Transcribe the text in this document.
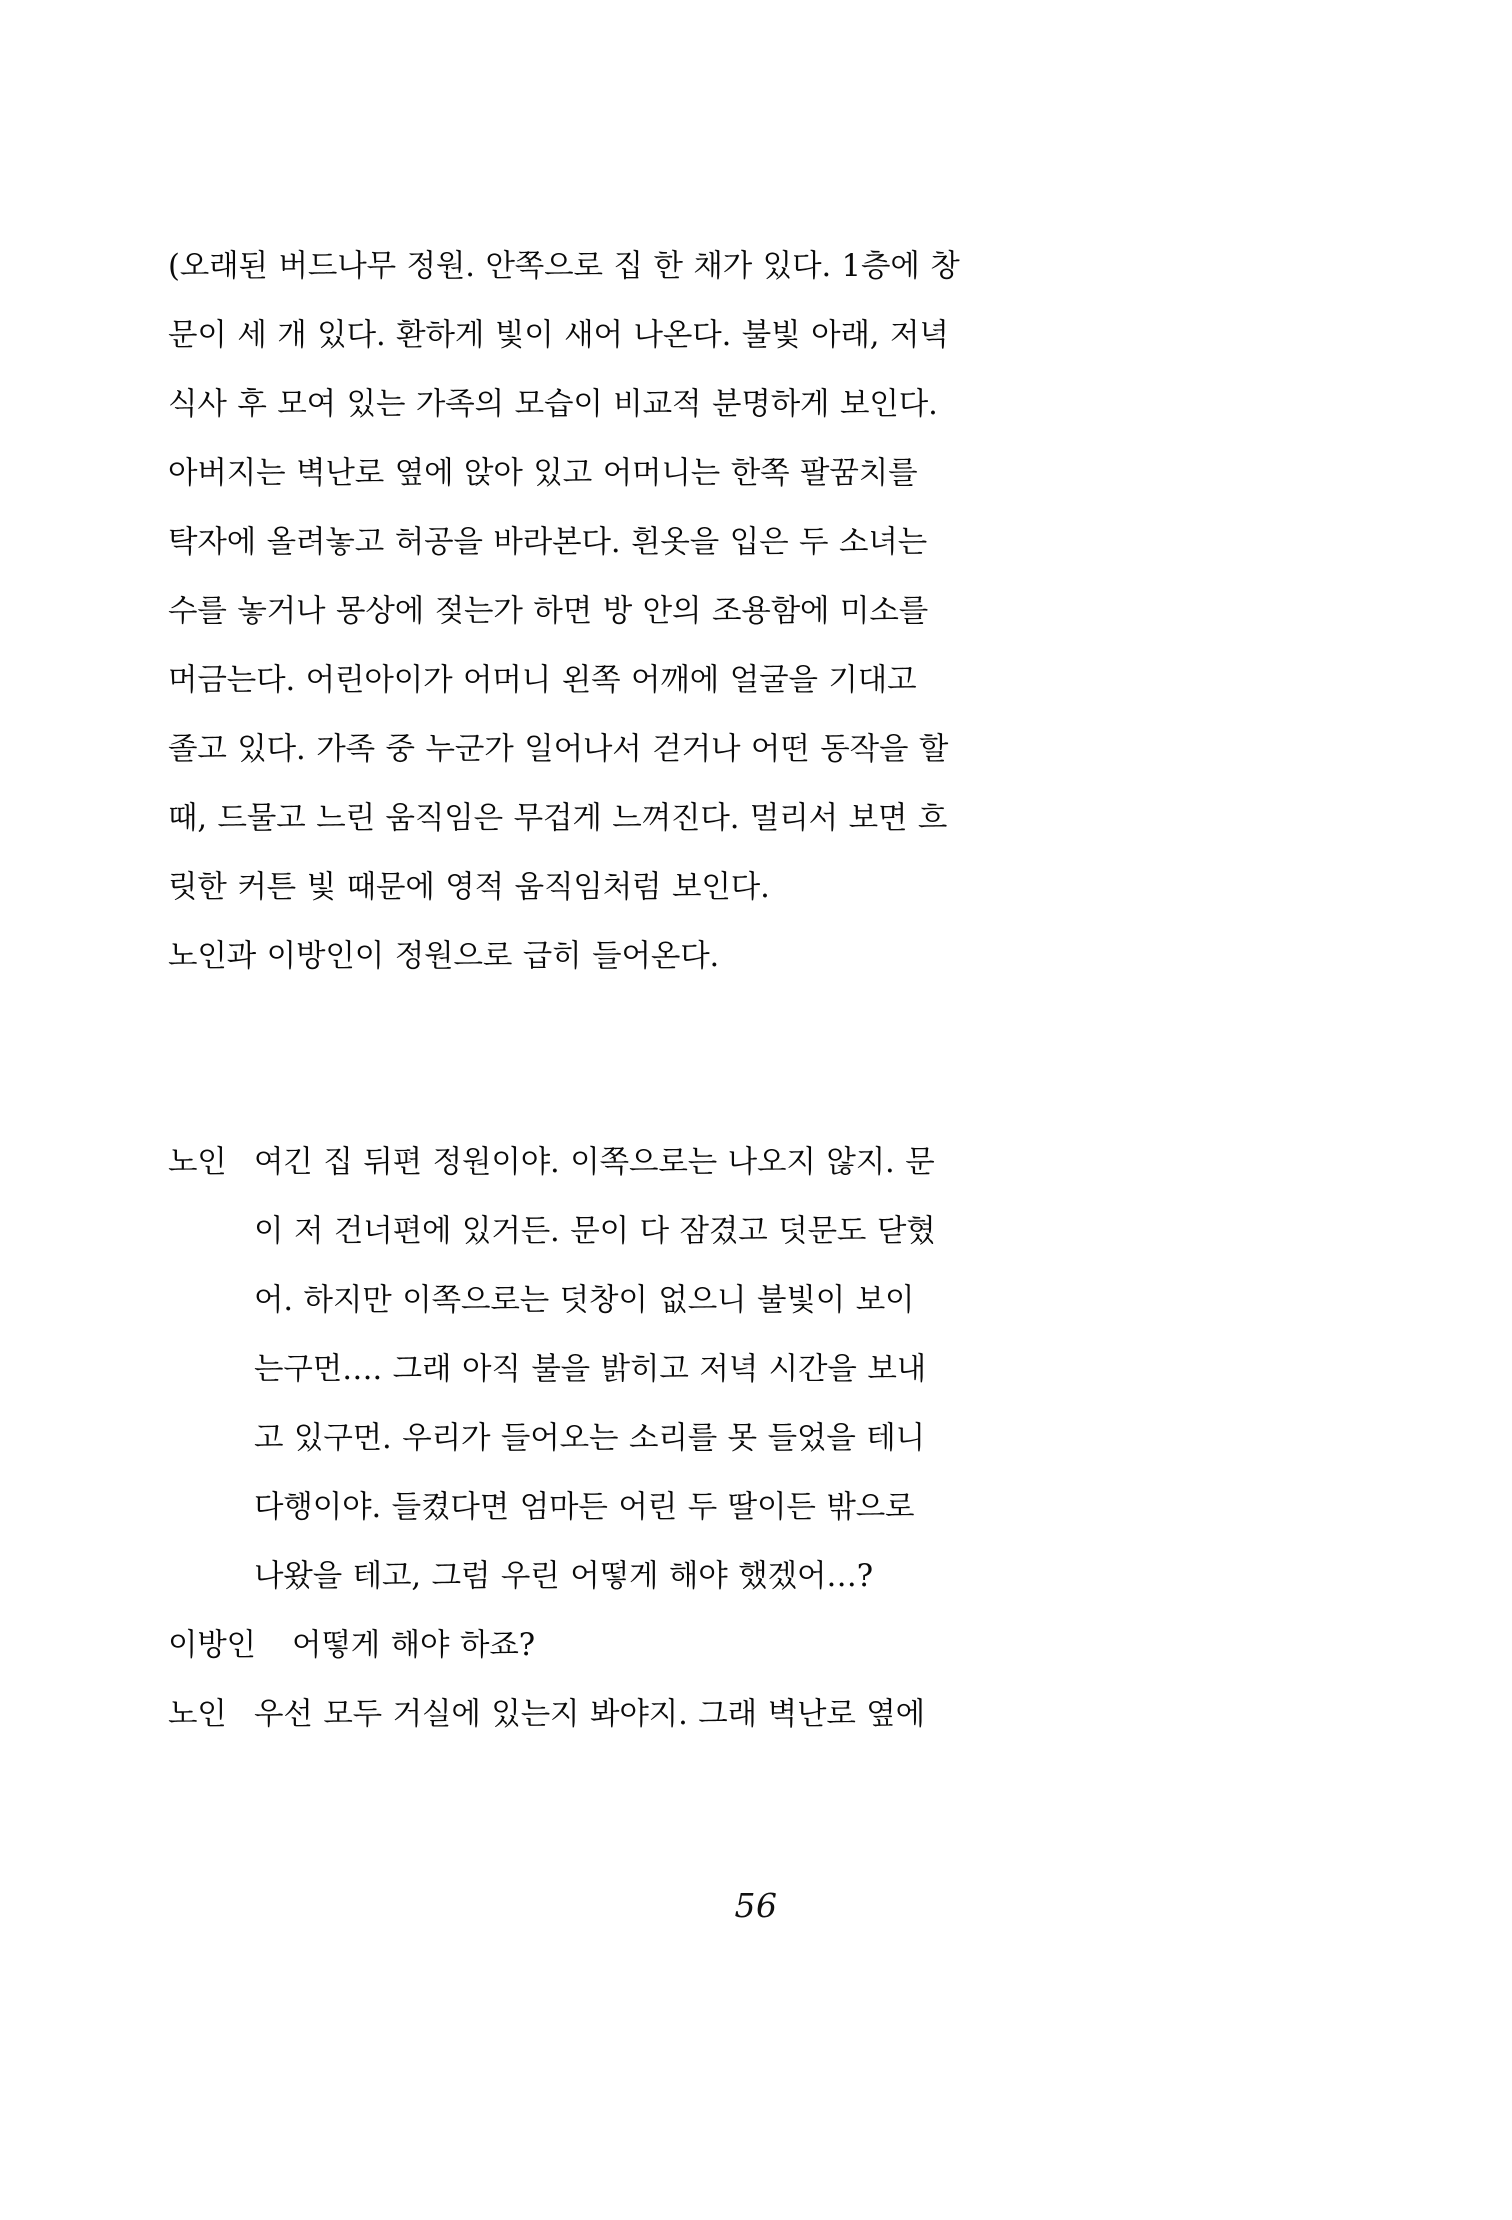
(오래된 버드나무 정원. 안쪽으로 집 한 채가 있다. 1층에 창
문이 세 개 있다. 환하게 빛이 새어 나온다. 불빛 아래, 저녁
식사 후 모여 있는 가족의 모습이 비교적 분명하게 보인다.
아버지는 벽난로 옆에 앉아 있고 어머니는 한쪽 팔꿈치를
탁자에 올려놓고 허공을 바라본다. 흰옷을 입은 두 소녀는
수를 놓거나 몽상에 젖는가 하면 방 안의 조용함에 미소를
머금는다. 어린아이가 어머니 왼쪽 어깨에 얼굴을 기대고
졸고 있다. 가족 중 누군가 일어나서 걷거나 어떤 동작을 할
때, 드물고 느린 움직임은 무겁게 느껴진다. 멀리서 보면 흐
릿한 커튼 빛 때문에 영적 움직임처럼 보인다.
노인과 이방인이 정원으로 급히 들어온다.
노인 여긴 집 뒤편 정원이야. 이쪽으로는 나오지 않지. 문
이 저 건너편에 있거든. 문이 다 잠겼고 덧문도 닫혔
어. 하지만 이쪽으로는 덧창이 없으니 불빛이 보이
는구먼…. 그래 아직 불을 밝히고 저녁 시간을 보내
고 있구먼. 우리가 들어오는 소리를 못 들었을 테니
다행이야. 들켰다면 엄마든 어린 두 딸이든 밖으로
나왔을 테고, 그럼 우린 어떻게 해야 했겠어…?
이방인	어떻게 해야 하죠?
노인 우선 모두 거실에 있는지 봐야지. 그래 벽난로 옆에
56
